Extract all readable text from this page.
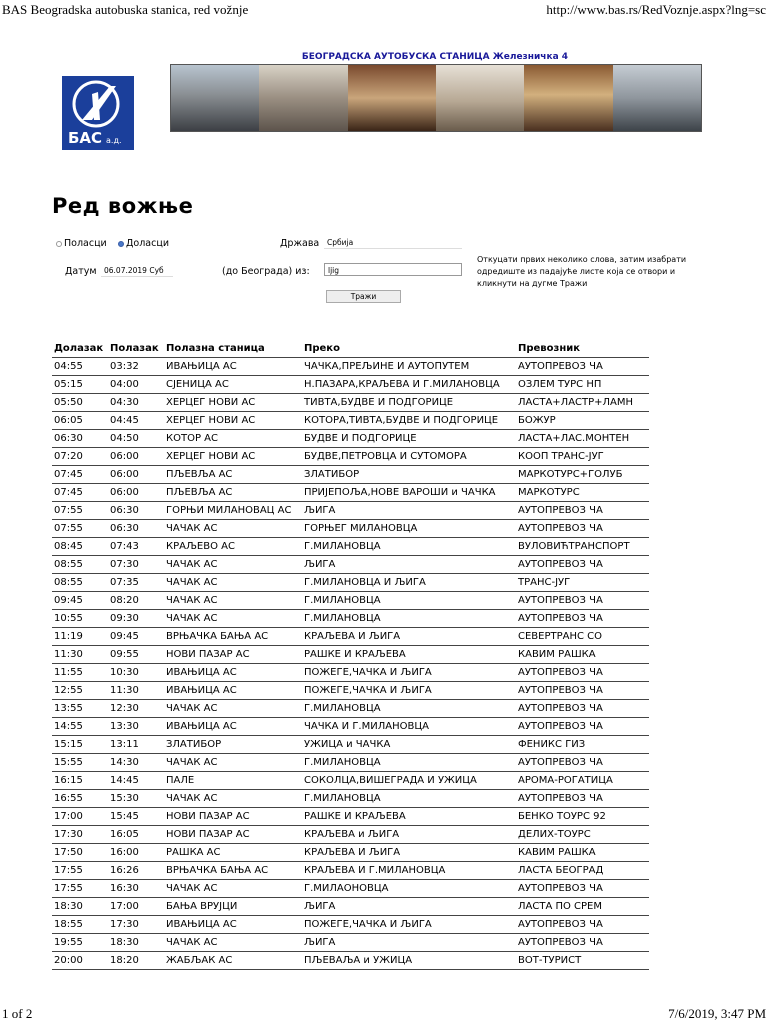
BAS Beogradska autobuska stanica, red vožnje	http://www.bas.rs/RedVoznje.aspx?lng=sc
БЕОГРАДСКА АУТОБУСКА СТАНИЦА Железничка 4
БАС а.д.
Ред вожње
Поласци Доласци	Држава	Србија
Датум 06.07.2019 Суб	(до Београда) из:	ljig
Тражи
Откуцати првих неколико слова, затим изабрати одредиште из падајуће листе која се отвори и кликнути на дугме Тражи
Долазак	Полазак	Полазна станица	Преко	Превозник
04:55	03:32	ИВАЊИЦА АС	ЧАЧКА,ПРЕЉИНЕ И АУТОПУТЕМ	АУТОПРЕВОЗ ЧА
05:15	04:00	СЈЕНИЦА АС	Н.ПАЗАРА,КРАЉЕВА И Г.МИЛАНОВЦА	ОЗЛЕМ ТУРС НП
05:50	04:30	ХЕРЦЕГ НОВИ АС	ТИВТА,БУДВЕ И ПОДГОРИЦЕ	ЛАСТА+ЛАСТР+ЛАМН
06:05	04:45	ХЕРЦЕГ НОВИ АС	КОТОРА,ТИВТА,БУДВЕ И ПОДГОРИЦЕ	БОЖУР
06:30	04:50	КОТОР АС	БУДВЕ И ПОДГОРИЦЕ	ЛАСТА+ЛАС.МОНТЕН
07:20	06:00	ХЕРЦЕГ НОВИ АС	БУДВЕ,ПЕТРОВЦА И СУТОМОРА	КООП ТРАНС-ЈУГ
07:45	06:00	ПЉЕВЉА АС	ЗЛАТИБОР	МАРКОТУРС+ГОЛУБ
07:45	06:00	ПЉЕВЉА АС	ПРИЈЕПОЉА,НОВЕ ВАРОШИ и ЧАЧКА	МАРКОТУРС
07:55	06:30	ГОРЊИ МИЛАНОВАЦ АС	ЉИГА	АУТОПРЕВОЗ ЧА
07:55	06:30	ЧАЧАК АС	ГОРЊЕГ МИЛАНОВЦА	АУТОПРЕВОЗ ЧА
08:45	07:43	КРАЉЕВО АС	Г.МИЛАНОВЦА	ВУЛОВИЋТРАНСПОРТ
08:55	07:30	ЧАЧАК АС	ЉИГА	АУТОПРЕВОЗ ЧА
08:55	07:35	ЧАЧАК АС	Г.МИЛАНОВЦА И ЉИГА	ТРАНС-ЈУГ
09:45	08:20	ЧАЧАК АС	Г.МИЛАНОВЦА	АУТОПРЕВОЗ ЧА
10:55	09:30	ЧАЧАК АС	Г.МИЛАНОВЦА	АУТОПРЕВОЗ ЧА
11:19	09:45	ВРЊАЧКА БАЊА АС	КРАЉЕВА И ЉИГА	СЕВЕРТРАНС СО
11:30	09:55	НОВИ ПАЗАР АС	РАШКЕ И КРАЉЕВА	КАВИМ РАШКА
11:55	10:30	ИВАЊИЦА АС	ПОЖЕГЕ,ЧАЧКА И ЉИГА	АУТОПРЕВОЗ ЧА
12:55	11:30	ИВАЊИЦА АС	ПОЖЕГЕ,ЧАЧКА И ЉИГА	АУТОПРЕВОЗ ЧА
13:55	12:30	ЧАЧАК АС	Г.МИЛАНОВЦА	АУТОПРЕВОЗ ЧА
14:55	13:30	ИВАЊИЦА АС	ЧАЧКА И Г.МИЛАНОВЦА	АУТОПРЕВОЗ ЧА
15:15	13:11	ЗЛАТИБОР	УЖИЦА и ЧАЧКА	ФЕНИКС ГИЗ
15:55	14:30	ЧАЧАК АС	Г.МИЛАНОВЦА	АУТОПРЕВОЗ ЧА
16:15	14:45	ПАЛЕ	СОКОЛЦА,ВИШЕГРАДА И УЖИЦА	АРОМА-РОГАТИЦА
16:55	15:30	ЧАЧАК АС	Г.МИЛАНОВЦА	АУТОПРЕВОЗ ЧА
17:00	15:45	НОВИ ПАЗАР АС	РАШКЕ И КРАЉЕВА	БЕНКО ТОУРС 92
17:30	16:05	НОВИ ПАЗАР АС	КРАЉЕВА и ЉИГА	ДЕЛИХ-ТОУРС
17:50	16:00	РАШКА АС	КРАЉЕВА И ЉИГА	КАВИМ РАШКА
17:55	16:26	ВРЊАЧКА БАЊА АС	КРАЉЕВА И Г.МИЛАНОВЦА	ЛАСТА БЕОГРАД
17:55	16:30	ЧАЧАК АС	Г.МИЛАОНОВЦА	АУТОПРЕВОЗ ЧА
18:30	17:00	БАЊА ВРУЈЦИ	ЉИГА	ЛАСТА ПО СРЕМ
18:55	17:30	ИВАЊИЦА АС	ПОЖЕГЕ,ЧАЧКА И ЉИГА	АУТОПРЕВОЗ ЧА
19:55	18:30	ЧАЧАК АС	ЉИГА	АУТОПРЕВОЗ ЧА
20:00	18:20	ЖАБЉАК АС	ПЉЕВАЉА и УЖИЦА	ВОТ-ТУРИСТ
1 of 2	7/6/2019, 3:47 PM
